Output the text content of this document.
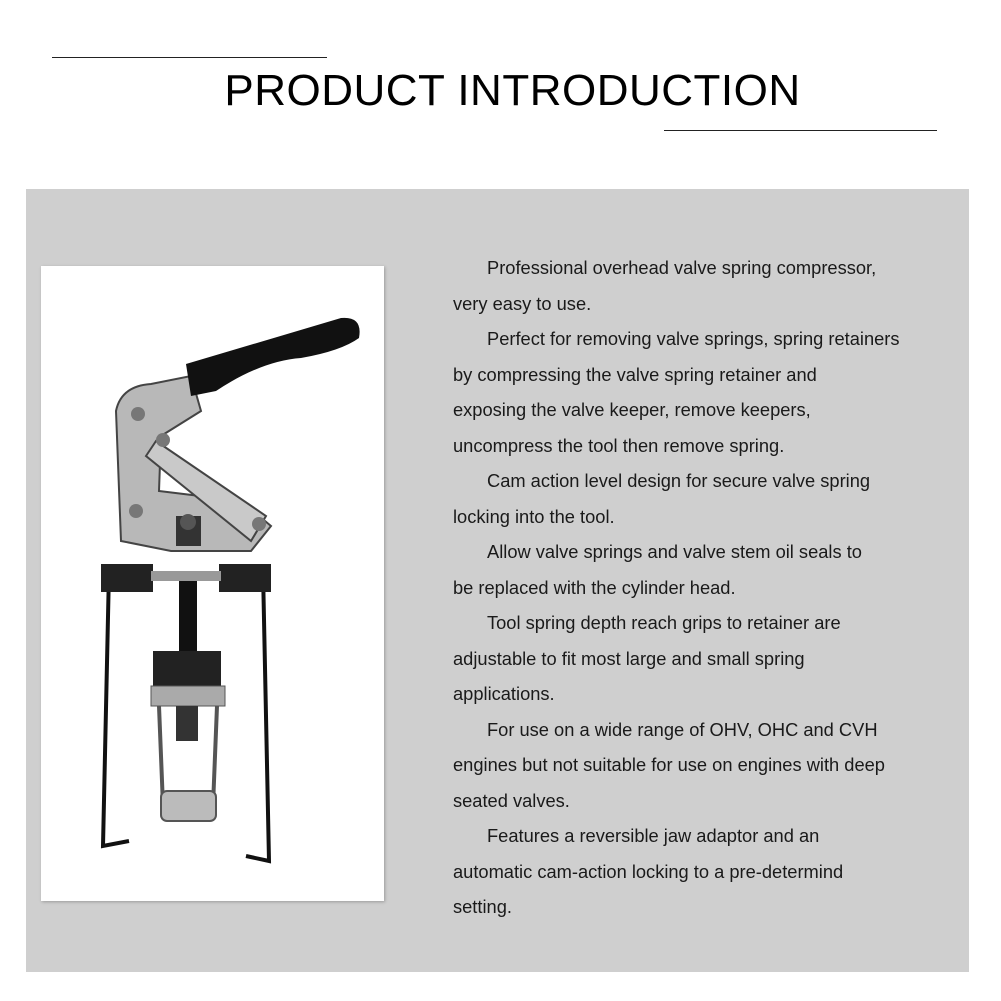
PRODUCT INTRODUCTION
Professional overhead valve spring compressor,
very easy to use.
Perfect for removing valve springs, spring retainers
by compressing the valve spring retainer and
exposing the valve keeper, remove keepers,
uncompress the tool then remove spring.
Cam action level design for secure valve spring
locking into the tool.
Allow valve springs and valve stem oil seals to
be replaced with the cylinder head.
Tool spring depth reach grips to retainer are
adjustable to fit most large and small spring
applications.
For use on a wide range of OHV, OHC and CVH
engines but not suitable for use on engines with deep
seated valves.
Features a reversible jaw adaptor and an
automatic cam-action locking to a pre-determind
setting.
